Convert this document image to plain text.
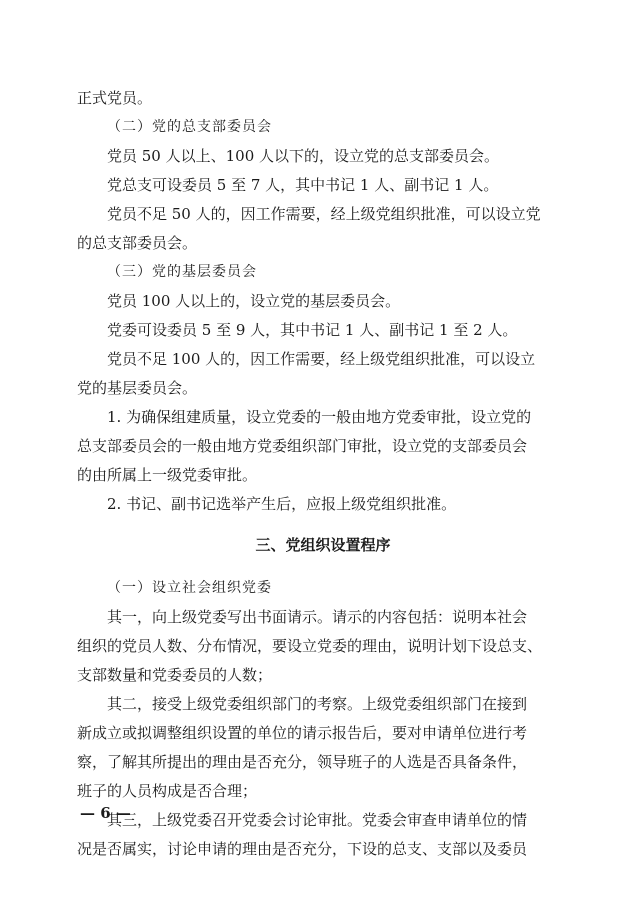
正式党员。
（二）党的总支部委员会
党员 50 人以上、100 人以下的，设立党的总支部委员会。
党总支可设委员 5 至 7 人，其中书记 1 人、副书记 1 人。
党员不足 50 人的，因工作需要，经上级党组织批准，可以设立党
的总支部委员会。
（三）党的基层委员会
党员 100 人以上的，设立党的基层委员会。
党委可设委员 5 至 9 人，其中书记 1 人、副书记 1 至 2 人。
党员不足 100 人的，因工作需要，经上级党组织批准，可以设立
党的基层委员会。
1. 为确保组建质量，设立党委的一般由地方党委审批，设立党的
总支部委员会的一般由地方党委组织部门审批，设立党的支部委员会
的由所属上一级党委审批。
2. 书记、副书记选举产生后，应报上级党组织批准。
三、党组织设置程序
（一）设立社会组织党委
其一，向上级党委写出书面请示。请示的内容包括：说明本社会
组织的党员人数、分布情况，要设立党委的理由，说明计划下设总支、
支部数量和党委委员的人数；
其二，接受上级党委组织部门的考察。上级党委组织部门在接到
新成立或拟调整组织设置的单位的请示报告后，要对申请单位进行考
察，了解其所提出的理由是否充分，领导班子的人选是否具备条件，
班子的人员构成是否合理；
其三，上级党委召开党委会讨论审批。党委会审查申请单位的情
况是否属实，讨论申请的理由是否充分，下设的总支、支部以及委员
— 6 —
